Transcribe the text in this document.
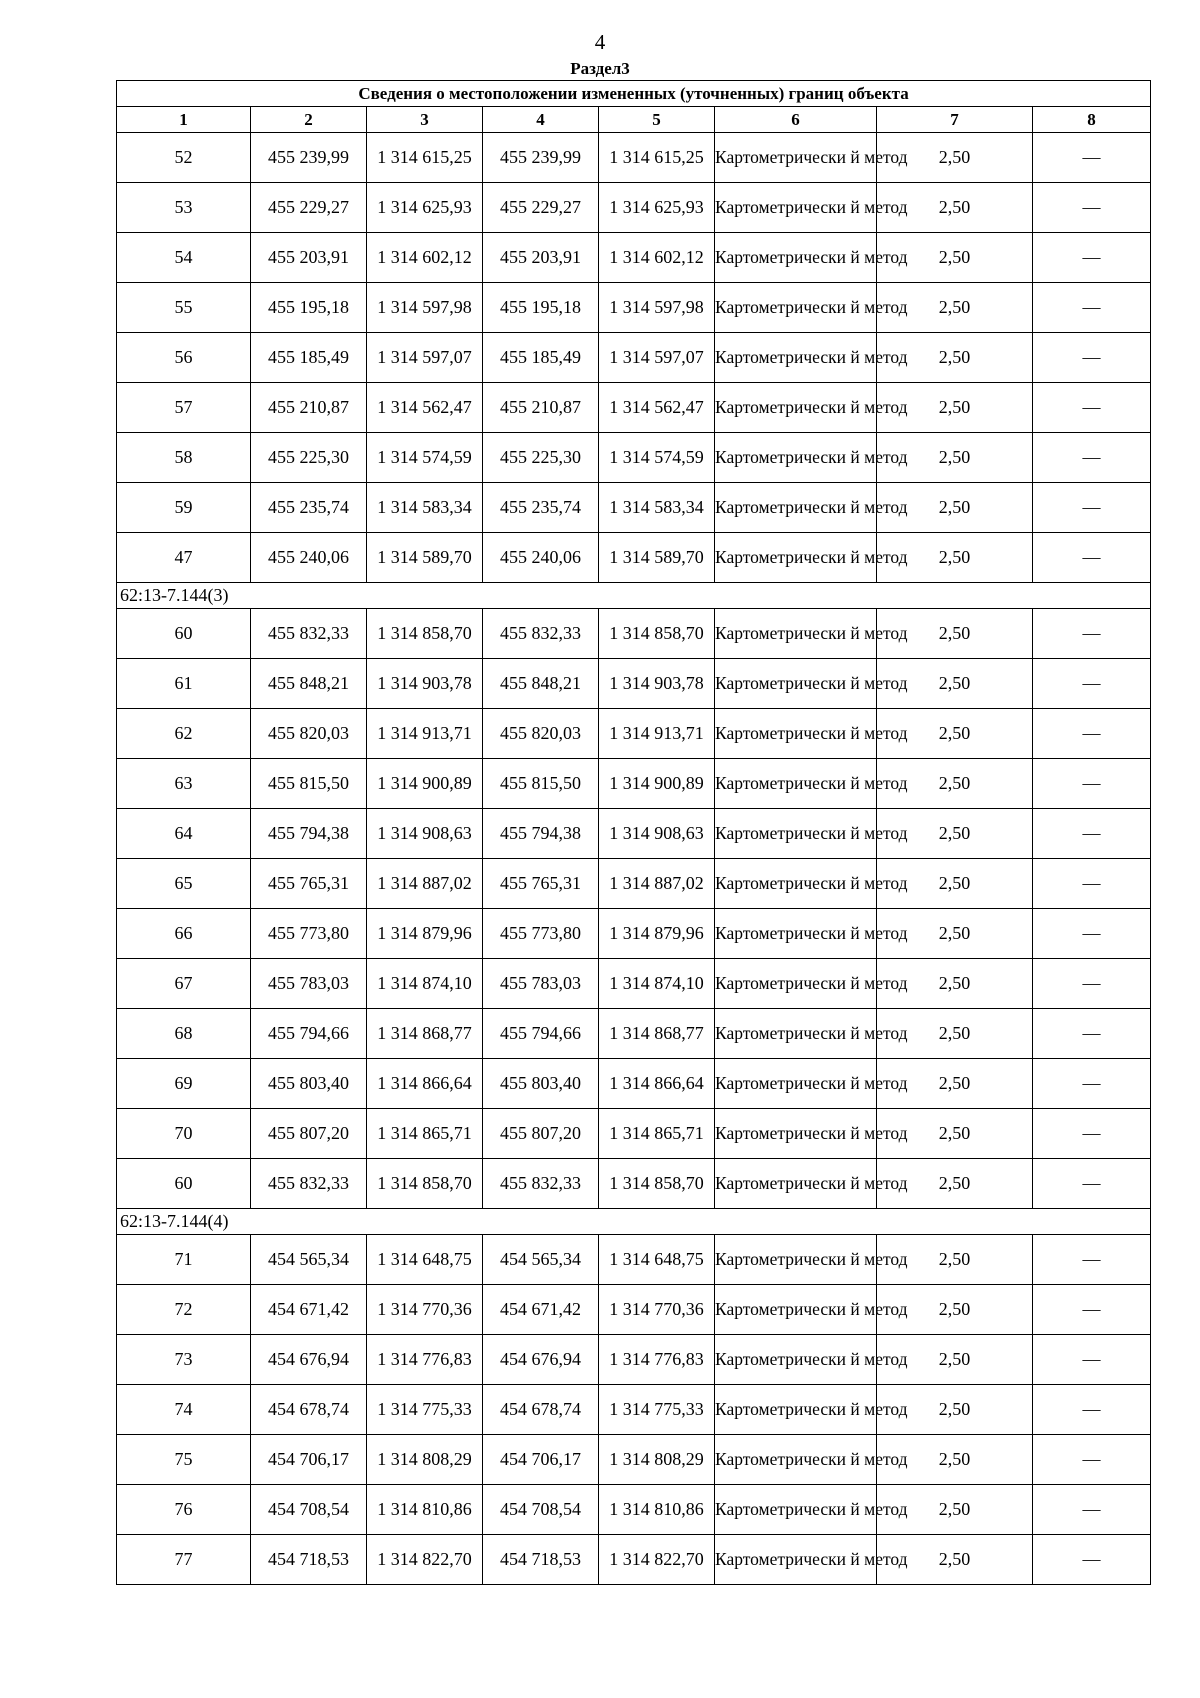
4
Раздел3
Сведения о местоположении измененных (уточненных) границ объекта							
1	2	3	4	5	6	7	8
52	455 239,99	1 314 615,25	455 239,99	1 314 615,25	Картометрически й метод	2,50	—
53	455 229,27	1 314 625,93	455 229,27	1 314 625,93	Картометрически й метод	2,50	—
54	455 203,91	1 314 602,12	455 203,91	1 314 602,12	Картометрически й метод	2,50	—
55	455 195,18	1 314 597,98	455 195,18	1 314 597,98	Картометрически й метод	2,50	—
56	455 185,49	1 314 597,07	455 185,49	1 314 597,07	Картометрически й метод	2,50	—
57	455 210,87	1 314 562,47	455 210,87	1 314 562,47	Картометрически й метод	2,50	—
58	455 225,30	1 314 574,59	455 225,30	1 314 574,59	Картометрически й метод	2,50	—
59	455 235,74	1 314 583,34	455 235,74	1 314 583,34	Картометрически й метод	2,50	—
47	455 240,06	1 314 589,70	455 240,06	1 314 589,70	Картометрически й метод	2,50	—
62:13-7.144(3)							
60	455 832,33	1 314 858,70	455 832,33	1 314 858,70	Картометрически й метод	2,50	—
61	455 848,21	1 314 903,78	455 848,21	1 314 903,78	Картометрически й метод	2,50	—
62	455 820,03	1 314 913,71	455 820,03	1 314 913,71	Картометрически й метод	2,50	—
63	455 815,50	1 314 900,89	455 815,50	1 314 900,89	Картометрически й метод	2,50	—
64	455 794,38	1 314 908,63	455 794,38	1 314 908,63	Картометрически й метод	2,50	—
65	455 765,31	1 314 887,02	455 765,31	1 314 887,02	Картометрически й метод	2,50	—
66	455 773,80	1 314 879,96	455 773,80	1 314 879,96	Картометрически й метод	2,50	—
67	455 783,03	1 314 874,10	455 783,03	1 314 874,10	Картометрически й метод	2,50	—
68	455 794,66	1 314 868,77	455 794,66	1 314 868,77	Картометрически й метод	2,50	—
69	455 803,40	1 314 866,64	455 803,40	1 314 866,64	Картометрически й метод	2,50	—
70	455 807,20	1 314 865,71	455 807,20	1 314 865,71	Картометрически й метод	2,50	—
60	455 832,33	1 314 858,70	455 832,33	1 314 858,70	Картометрически й метод	2,50	—
62:13-7.144(4)							
71	454 565,34	1 314 648,75	454 565,34	1 314 648,75	Картометрически й метод	2,50	—
72	454 671,42	1 314 770,36	454 671,42	1 314 770,36	Картометрически й метод	2,50	—
73	454 676,94	1 314 776,83	454 676,94	1 314 776,83	Картометрически й метод	2,50	—
74	454 678,74	1 314 775,33	454 678,74	1 314 775,33	Картометрически й метод	2,50	—
75	454 706,17	1 314 808,29	454 706,17	1 314 808,29	Картометрически й метод	2,50	—
76	454 708,54	1 314 810,86	454 708,54	1 314 810,86	Картометрически й метод	2,50	—
77	454 718,53	1 314 822,70	454 718,53	1 314 822,70	Картометрически й метод	2,50	—
